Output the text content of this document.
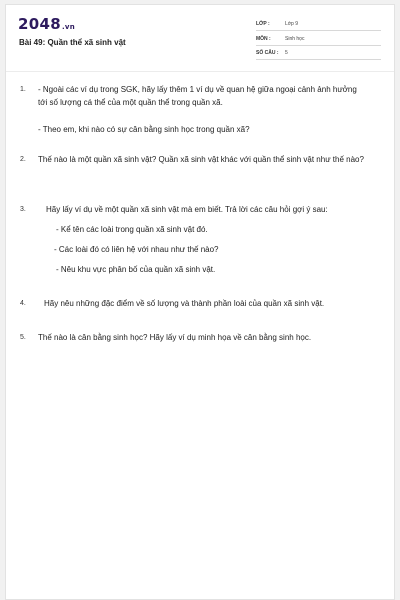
2048.vn
Bài 49: Quần thể xã sinh vật
LỚP :	Lớp 9
MÔN :	Sinh học
SỐ CÂU : 5
1. - Ngoài các ví dụ trong SGK, hãy lấy thêm 1 ví dụ về quan hệ giữa ngoại cảnh ảnh hưởng tới số lượng cá thể của một quần thể trong quần xã.
- Theo em, khi nào có sự cân bằng sinh học trong quần xã?
2. Thế nào là một quần xã sinh vật? Quần xã sinh vật khác với quần thể sinh vật như thế nào?
3.	Hãy lấy ví dụ về một quần xã sinh vật mà em biết. Trả lời các câu hỏi gợi ý sau:
- Kể tên các loài trong quần xã sinh vật đó.
- Các loài đó có liên hệ với nhau như thế nào?
- Nêu khu vực phân bố của quần xã sinh vật.
4. Hãy nêu những đặc điểm về số lượng và thành phần loài của quần xã sinh vật.
5. Thế nào là cân bằng sinh học? Hãy lấy ví dụ minh họa về cân bằng sinh học.
